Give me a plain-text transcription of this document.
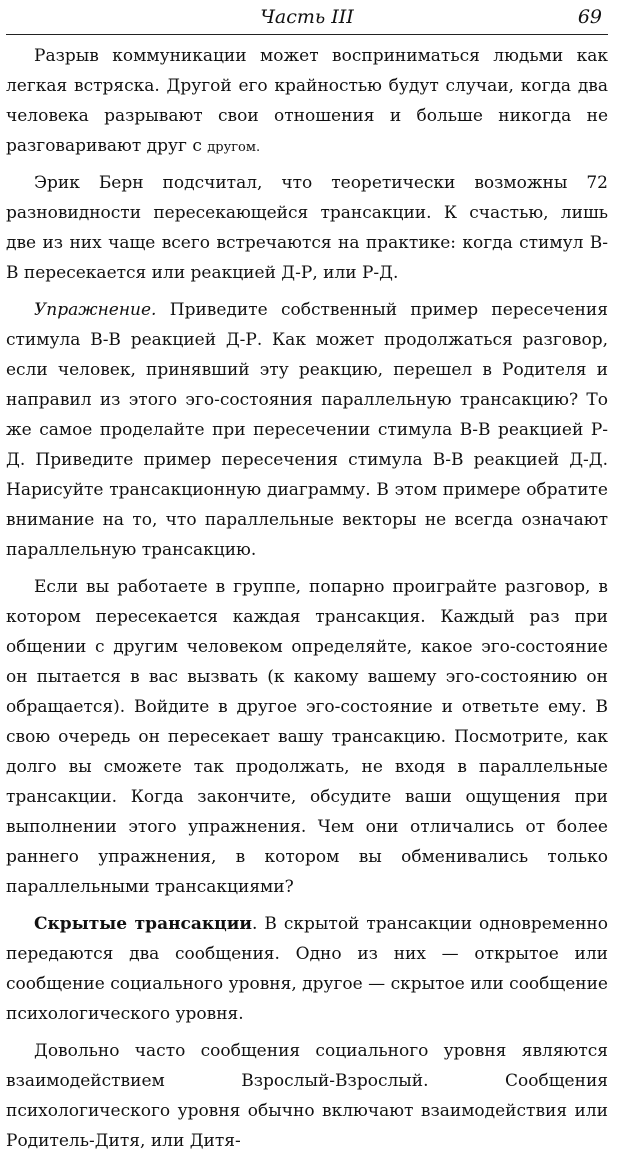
Часть III	69

Разрыв коммуникации может восприниматься людьми как легкая встряска. Другой его крайностью будут случаи, когда два человека разрывают свои отношения и больше никогда не разговаривают друг с другом.

Эрик Берн подсчитал, что теоретически возможны 72 разновидности пересекающейся трансакции. К счастью, лишь две из них чаще всего встречаются на практике: когда стимул В-В пересекается или реакцией Д-Р, или Р-Д.

Упражнение. Приведите собственный пример пересечения стимула В-В реакцией Д-Р. Как может продолжаться разговор, если человек, принявший эту реакцию, перешел в Родителя и направил из этого эго-состояния параллельную трансакцию? То же самое проделайте при пересечении стимула В-В реакцией Р-Д. Приведите пример пересечения стимула В-В реакцией Д-Д. Нарисуйте трансакционную диаграмму. В этом примере обратите внимание на то, что параллельные векторы не всегда означают параллельную трансакцию.

Если вы работаете в группе, попарно проиграйте разговор, в котором пересекается каждая трансакция. Каждый раз при общении с другим человеком определяйте, какое эго-состояние он пытается в вас вызвать (к какому вашему эго-состоянию он обращается). Войдите в другое эго-состояние и ответьте ему. В свою очередь он пересекает вашу трансакцию. Посмотрите, как долго вы сможете так продолжать, не входя в параллельные трансакции. Когда закончите, обсудите ваши ощущения при выполнении этого упражнения. Чем они отличались от более раннего упражнения, в котором вы обменивались только параллельными трансакциями?

Скрытые трансакции. В скрытой трансакции одновременно передаются два сообщения. Одно из них — открытое или сообщение социального уровня, другое — скрытое или сообщение психологического уровня.

Довольно часто сообщения социального уровня являются взаимодействием Взрослый-Взрослый. Сообщения психологического уровня обычно включают взаимодействия или Родитель-Дитя, или Дитя-
